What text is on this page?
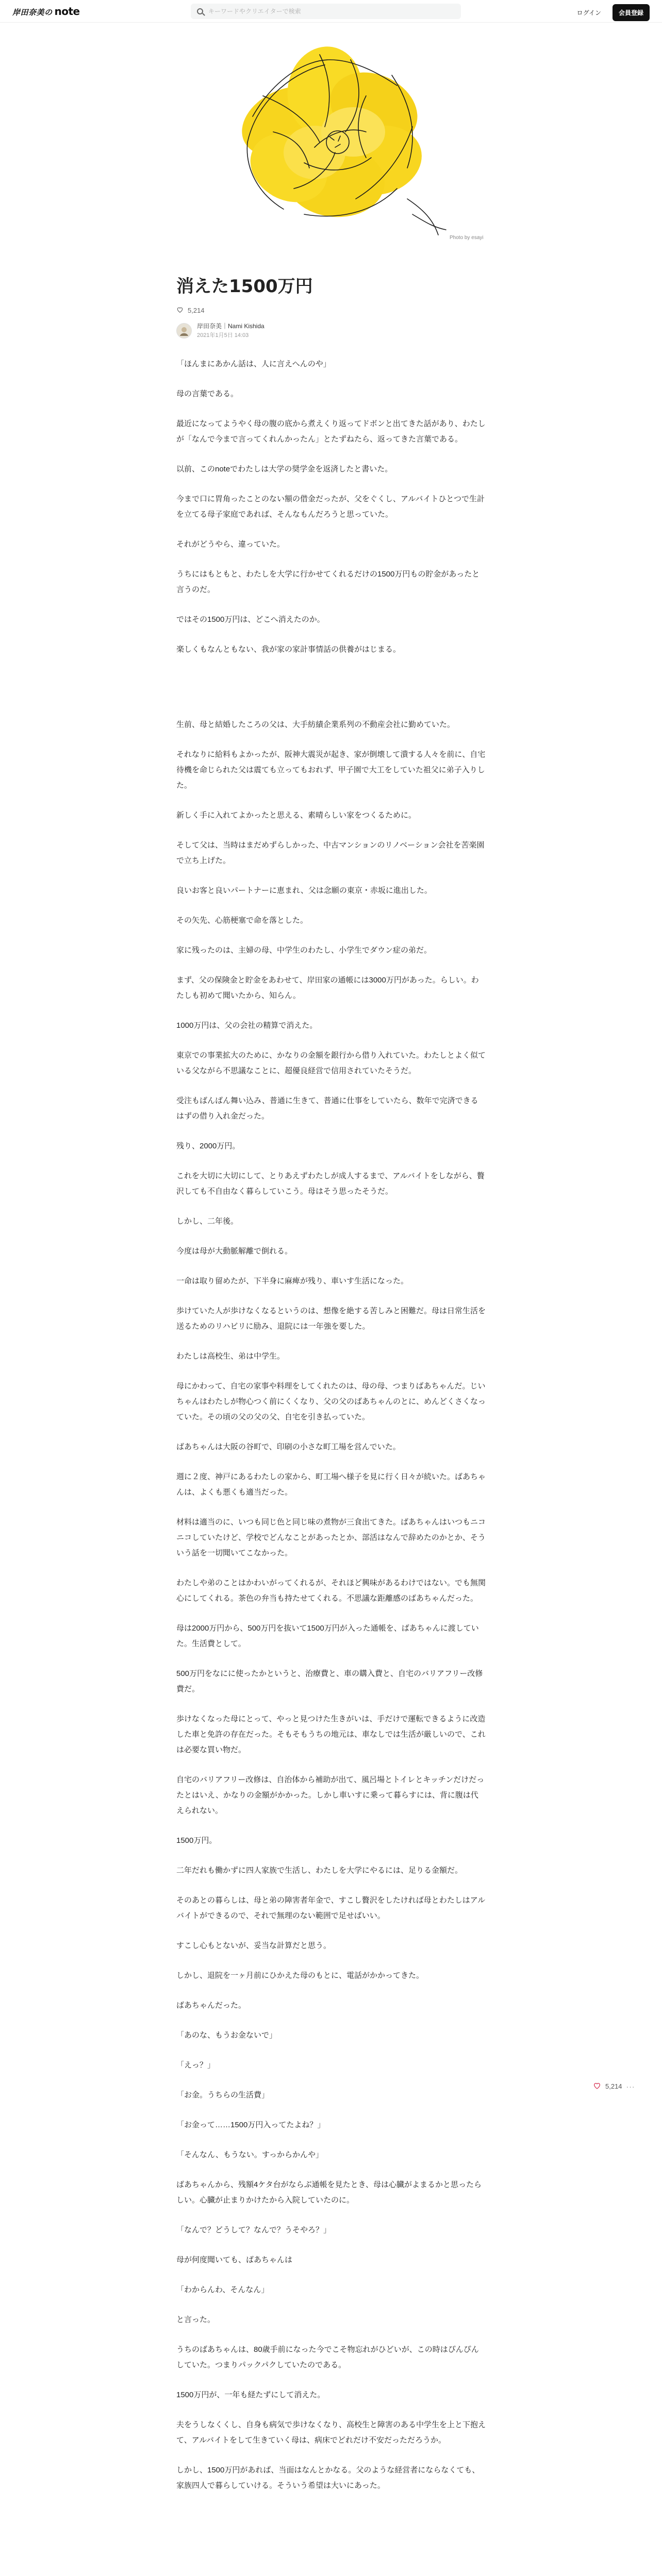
岸田奈美の note
キーワードやクリエイターで検索	ログイン	会員登録
Photo by esayi
消えた1500万円
5,214
岸田奈美｜Nami Kishida
2021年1月5日 14:03

「ほんまにあかん話は、人に言えへんのや」

母の言葉である。

最近になってようやく母の腹の底から煮えくり返ってドボンと出てきた話があり、わたしが「なんで今まで言ってくれんかったん」とたずねたら、返ってきた言葉である。

以前、このnoteでわたしは大学の奨学金を返済したと書いた。

今まで口に胃角ったことのない額の借金だったが、父をぐくし、アルバイトひとつで生計を立てる母子家庭であれば、そんなもんだろうと思っていた。

それがどうやら、違っていた。

うちにはもともと、わたしを大学に行かせてくれるだけの1500万円もの貯金があったと言うのだ。

ではその1500万円は、どこへ消えたのか。

楽しくもなんともない、我が家の家計事情話の供養がはじまる。

生前、母と結婚したころの父は、大手紡績企業系列の不動産会社に勤めていた。

それなりに給料もよかったが、阪神大震災が起き、家が倒壊して潰する人々を前に、自宅待機を命じられた父は震ても立ってもおれず、甲子園で大工をしていた祖父に弟子入りした。

新しく手に入れてよかったと思える、素晴らしい家をつくるために。

そして父は、当時はまだめずらしかった、中古マンションのリノベーション会社を苦楽園で立ち上げた。

良いお客と良いパートナーに恵まれ、父は念願の東京・赤坂に進出した。

その矢先、心筋梗塞で命を落とした。

家に残ったのは、主婦の母、中学生のわたし、小学生でダウン症の弟だ。

まず、父の保険金と貯金をあわせて、岸田家の通帳には3000万円があった。らしい。わたしも初めて聞いたから、知らん。

1000万円は、父の会社の精算で消えた。

東京での事業拡大のために、かなりの金額を銀行から借り入れていた。わたしとよく似ている父ながら不思議なことに、超優良経営で信用されていたそうだ。

受注もばんばん舞い込み、普通に生きて、普通に仕事をしていたら、数年で完済できるはずの借り入れ金だった。

残り、2000万円。

これを大切に大切にして、とりあえずわたしが成人するまで、アルバイトをしながら、贅沢しても不自由なく暮らしていこう。母はそう思ったそうだ。

しかし、二年後。

今度は母が大動脈解離で倒れる。

一命は取り留めたが、下半身に麻痺が残り、車いす生活になった。

歩けていた人が歩けなくなるというのは、想像を絶する苦しみと困難だ。母は日常生活を送るためのリハビリに励み、退院には一年強を要した。

わたしは高校生、弟は中学生。

母にかわって、自宅の家事や料理をしてくれたのは、母の母、つまりばあちゃんだ。じいちゃんはわたしが物心つく前にくくなり、父の父のばあちゃんのとに、めんどくさくなっていた。その頃の父の父の父、自宅を引き払っていた。

ばあちゃんは大阪の谷町で、印刷の小さな町工場を営んでいた。

週に２度、神戸にあるわたしの家から、町工場へ様子を見に行く日々が続いた。ばあちゃんは、よくも悪くも適当だった。

材料は適当のに、いつも同じ色と同じ味の煮物が三食出てきた。ばあちゃんはいつもニコニコしていたけど、学校でどんなことがあったとか、部活はなんで辞めたのかとか、そういう話を一切聞いてこなかった。

わたしや弟のことはかわいがってくれるが、それほど興味があるわけではない。でも無関心にしてくれる。茶色の弁当も持たせてくれる。不思議な距離感のばあちゃんだった。

母は2000万円から、500万円を抜いて1500万円が入った通帳を、ばあちゃんに渡していた。生活費として。

500万円をなにに使ったかというと、治療費と、車の購入費と、自宅のバリアフリー改修費だ。

歩けなくなった母にとって、やっと見つけた生きがいは、手だけで運転できるように改造した車と免許の存在だった。そもそもうちの地元は、車なしでは生活が厳しいので、これは必要な買い物だ。

自宅のバリアフリー改修は、自治体から補助が出て、風呂場とトイレとキッチンだけだったとはいえ、かなりの金額がかかった。しかし車いすに乗って暮らすには、背に腹は代えられない。

1500万円。

二年だれも働かずに四人家族で生活し、わたしを大学にやるには、足りる金額だ。

そのあとの暮らしは、母と弟の障害者年金で、すこし贅沢をしたければ母とわたしはアルバイトができるので、それで無理のない範囲で足せばいい。

すこし心もとないが、妥当な計算だと思う。

しかし、退院を一ヶ月前にひかえた母のもとに、電話がかかってきた。

ばあちゃんだった。

「あのな、もうお金ないで」

「えっ？」

「お金。うちらの生活費」

「お金って……1500万円入ってたよね？」

「そんなん、もうない。すっからかんや」

ばあちゃんから、残額4ケタ台がならぶ通帳を見たとき、母は心臓がよまるかと思ったらしい。心臓が止まりかけたから入院していたのに。

「なんで？どうして？なんで？うそやろ？」

母が何度聞いても、ばあちゃんは

「わからんわ、そんなん」

と言った。

うちのばあちゃんは、80歳手前になった今でこそ物忘れがひどいが、この時はぴんぴんしていた。つまりパックパクしていたのである。

1500万円が、一年も経たずにして消えた。

夫をうしなくくし、自身も病気で歩けなくなり、高校生と障害のある中学生を上と下抱えて、アルバイトをして生きていく母は、病床でどれだけ不安だっただろうか。

しかし、1500万円があれば、当面はなんとかなる。父のような経営者にならなくても、家族四人で暮らしていける。そういう希望は大いにあった。

5,214 ···
